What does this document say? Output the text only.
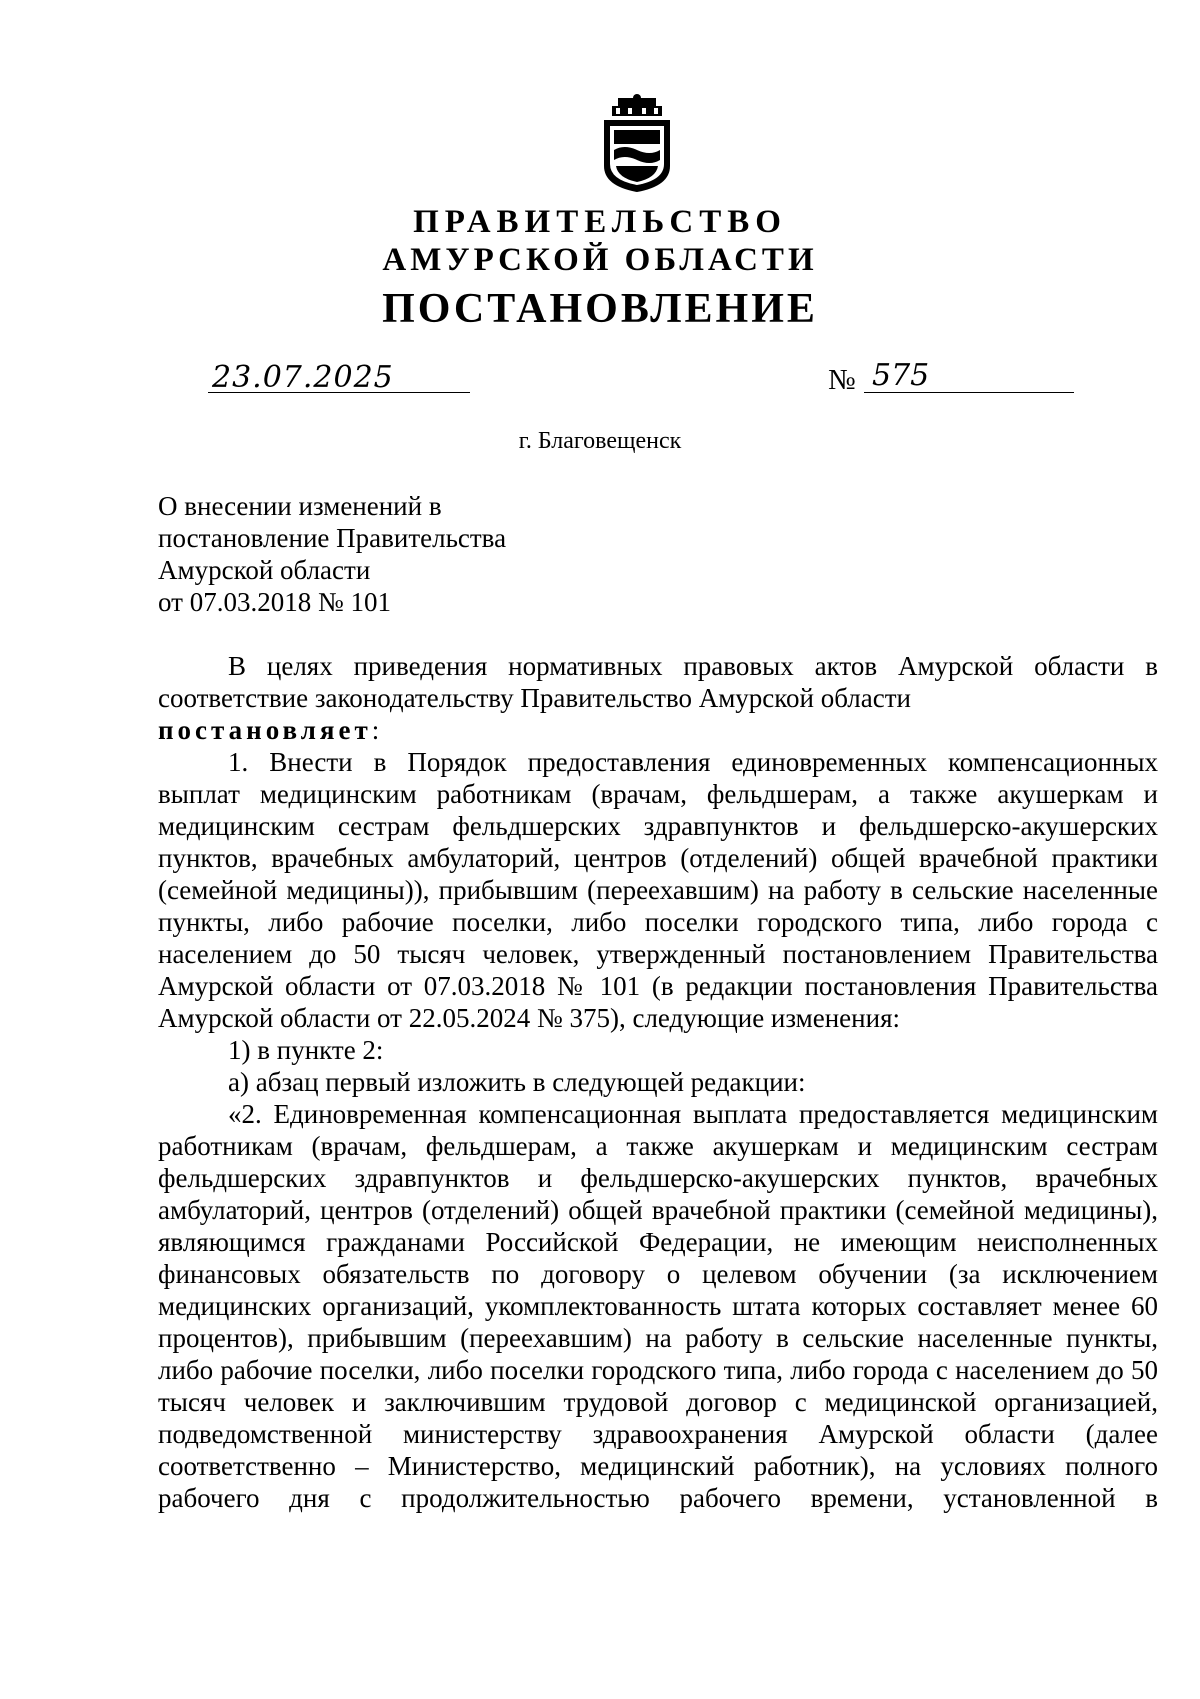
ПРАВИТЕЛЬСТВО
АМУРСКОЙ ОБЛАСТИ
ПОСТАНОВЛЕНИЕ
23.07.2025	№ 575
г. Благовещенск
О внесении изменений в
постановление Правительства
Амурской области
от 07.03.2018 № 101

В целях приведения нормативных правовых актов Амурской области в соответствие законодательству Правительство Амурской области

постановляет:

1. Внести в Порядок предоставления единовременных компенсационных выплат медицинским работникам (врачам, фельдшерам, а также акушеркам и медицинским сестрам фельдшерских здравпунктов и фельдшерско-акушерских пунктов, врачебных амбулаторий, центров (отделений) общей врачебной практики (семейной медицины)), прибывшим (переехавшим) на работу в сельские населенные пункты, либо рабочие поселки, либо поселки городского типа, либо города с населением до 50 тысяч человек, утвержденный постановлением Правительства Амурской области от 07.03.2018 № 101 (в редакции постановления Правительства Амурской области от 22.05.2024 № 375), следующие изменения:

1) в пункте 2:

а) абзац первый изложить в следующей редакции:

«2. Единовременная компенсационная выплата предоставляется медицинским работникам (врачам, фельдшерам, а также акушеркам и медицинским сестрам фельдшерских здравпунктов и фельдшерско-акушерских пунктов, врачебных амбулаторий, центров (отделений) общей врачебной практики (семейной медицины), являющимся гражданами Российской Федерации, не имеющим неисполненных финансовых обязательств по договору о целевом обучении (за исключением медицинских организаций, укомплектованность штата которых составляет менее 60 процентов), прибывшим (переехавшим) на работу в сельские населенные пункты, либо рабочие поселки, либо поселки городского типа, либо города с населением до 50 тысяч человек и заключившим трудовой договор с медицинской организацией, подведомственной министерству здравоохранения Амурской области (далее соответственно – Министерство, медицинский работник), на условиях полного рабочего дня с продолжительностью рабочего времени, установленной в
